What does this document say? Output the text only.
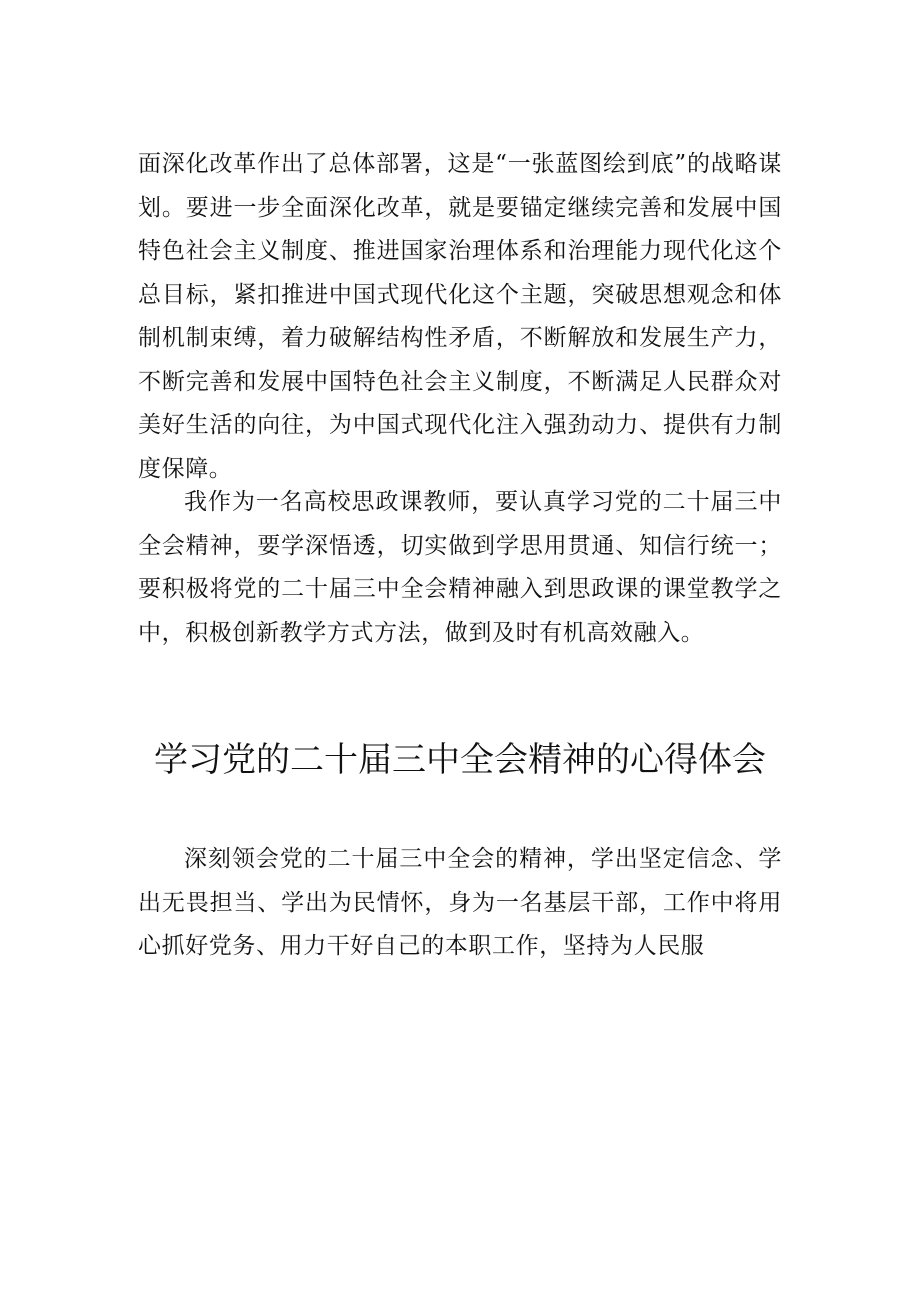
面深化改革作出了总体部署，这是“一张蓝图绘到底”的战略谋划。要进一步全面深化改革，就是要锚定继续完善和发展中国特色社会主义制度、推进国家治理体系和治理能力现代化这个总目标，紧扣推进中国式现代化这个主题，突破思想观念和体制机制束缚，着力破解结构性矛盾，不断解放和发展生产力，不断完善和发展中国特色社会主义制度，不断满足人民群众对美好生活的向往，为中国式现代化注入强劲动力、提供有力制度保障。

我作为一名高校思政课教师，要认真学习党的二十届三中全会精神，要学深悟透，切实做到学思用贯通、知信行统一；要积极将党的二十届三中全会精神融入到思政课的课堂教学之中，积极创新教学方式方法，做到及时有机高效融入。

学习党的二十届三中全会精神的心得体会

深刻领会党的二十届三中全会的精神，学出坚定信念、学出无畏担当、学出为民情怀，身为一名基层干部，工作中将用心抓好党务、用力干好自己的本职工作，坚持为人民服
